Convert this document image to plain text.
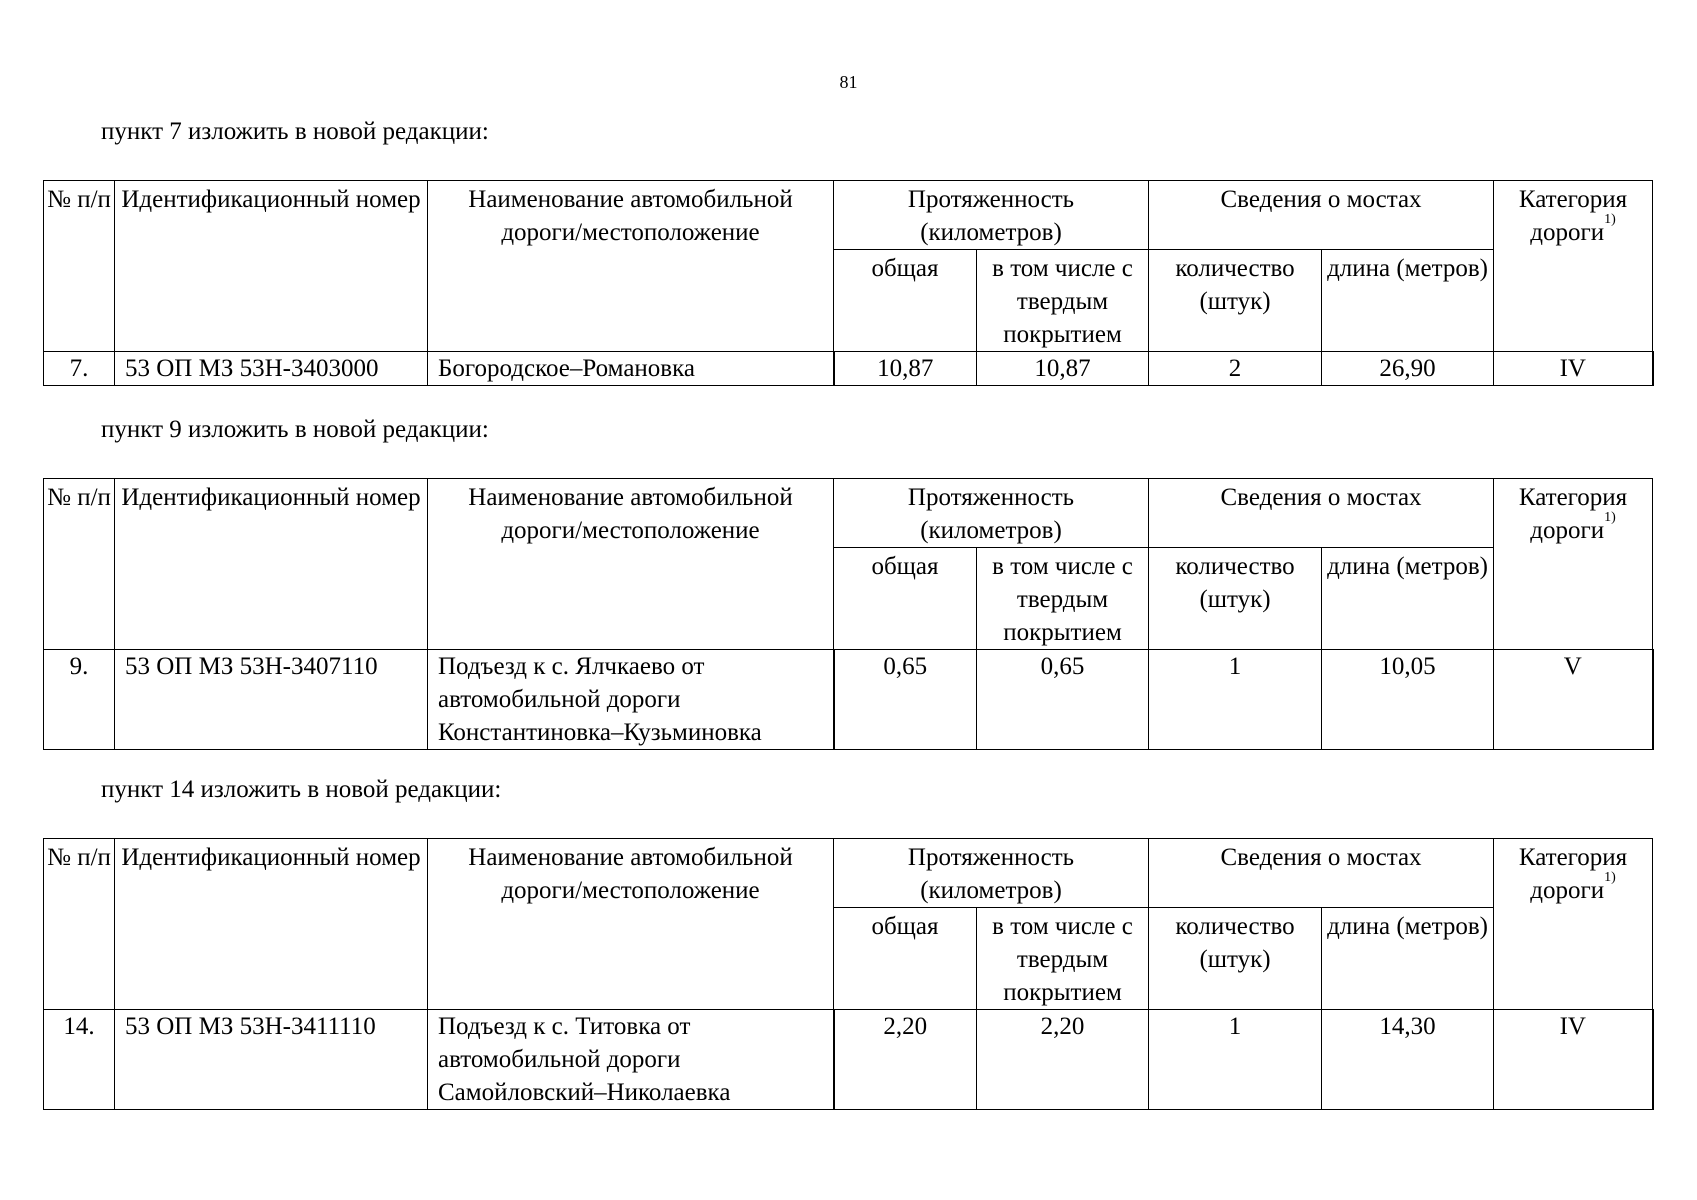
81
пункт 7 изложить в новой редакции:
№ п/п	Идентификационный номер	Наименование автомобильной дороги/местоположение	Протяженность (километров)		Сведения о мостах		Категория дороги$^{1)}$
			общая	в том числе с твердым покрытием	количество (штук)	длина (метров)	
7.	53 ОП МЗ 53Н-3403000	Богородское–Романовка	10,87	10,87	2	26,90	IV
пункт 9 изложить в новой редакции:
№ п/п	Идентификационный номер	Наименование автомобильной дороги/местоположение	Протяженность (километров)		Сведения о мостах		Категория дороги$^{1)}$
			общая	в том числе с твердым покрытием	количество (штук)	длина (метров)	
9.	53 ОП МЗ 53Н-3407110	Подъезд к с. Ялчкаево от автомобильной дороги Константиновка–Кузьминовка	0,65	0,65	1	10,05	V
пункт 14 изложить в новой редакции:
№ п/п	Идентификационный номер	Наименование автомобильной дороги/местоположение	Протяженность (километров)		Сведения о мостах		Категория дороги$^{1)}$
			общая	в том числе с твердым покрытием	количество (штук)	длина (метров)	
14.	53 ОП МЗ 53Н-3411110	Подъезд к с. Титовка от автомобильной дороги Самойловский–Николаевка	2,20	2,20	1	14,30	IV
